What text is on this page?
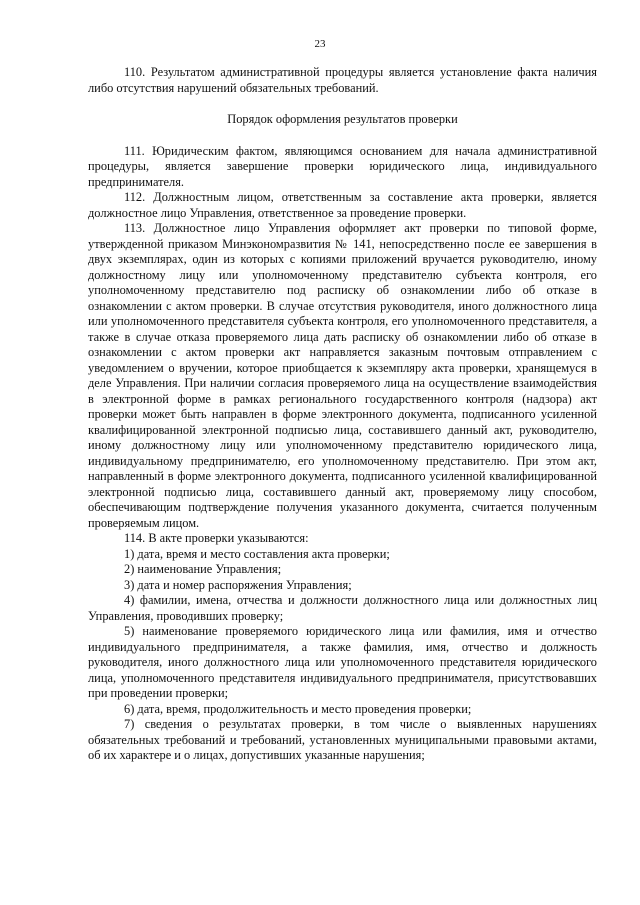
23

110. Результатом административной процедуры является установление факта наличия либо отсутствия нарушений обязательных требований.

Порядок оформления результатов проверки

111. Юридическим фактом, являющимся основанием для начала административной процедуры, является завершение проверки юридического лица, индивидуального предпринимателя.

112. Должностным лицом, ответственным за составление акта проверки, является должностное лицо Управления, ответственное за проведение проверки.

113. Должностное лицо Управления оформляет акт проверки по типовой форме, утвержденной приказом Минэкономразвития № 141, непосредственно после ее завершения в двух экземплярах, один из которых с копиями приложений вручается руководителю, иному должностному лицу или уполномоченному представителю субъекта контроля, его уполномоченному представителю под расписку об ознакомлении либо об отказе в ознакомлении с актом проверки. В случае отсутствия руководителя, иного должностного лица или уполномоченного представителя субъекта контроля, его уполномоченного представителя, а также в случае отказа проверяемого лица дать расписку об ознакомлении либо об отказе в ознакомлении с актом проверки акт направляется заказным почтовым отправлением с уведомлением о вручении, которое приобщается к экземпляру акта проверки, хранящемуся в деле Управления. При наличии согласия проверяемого лица на осуществление взаимодействия в электронной форме в рамках регионального государственного контроля (надзора) акт проверки может быть направлен в форме электронного документа, подписанного усиленной квалифицированной электронной подписью лица, составившего данный акт, руководителю, иному должностному лицу или уполномоченному представителю юридического лица, индивидуальному предпринимателю, его уполномоченному представителю. При этом акт, направленный в форме электронного документа, подписанного усиленной квалифицированной электронной подписью лица, составившего данный акт, проверяемому лицу способом, обеспечивающим подтверждение получения указанного документа, считается полученным проверяемым лицом.

114. В акте проверки указываются:

1) дата, время и место составления акта проверки;

2) наименование Управления;

3) дата и номер распоряжения Управления;

4) фамилии, имена, отчества и должности должностного лица или должностных лиц Управления, проводивших проверку;

5) наименование проверяемого юридического лица или фамилия, имя и отчество индивидуального предпринимателя, а также фамилия, имя, отчество и должность руководителя, иного должностного лица или уполномоченного представителя юридического лица, уполномоченного представителя индивидуального предпринимателя, присутствовавших при проведении проверки;

6) дата, время, продолжительность и место проведения проверки;

7) сведения о результатах проверки, в том числе о выявленных нарушениях обязательных требований и требований, установленных муниципальными правовыми актами, об их характере и о лицах, допустивших указанные нарушения;
